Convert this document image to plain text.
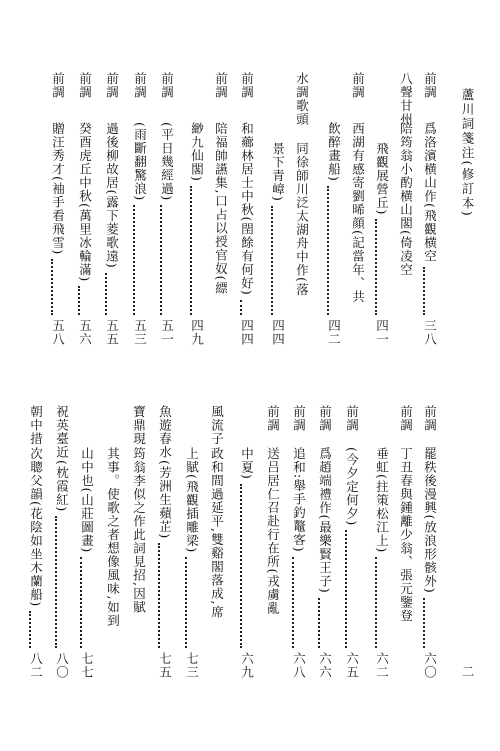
蘆川詞箋注(修訂本)
二
前調
爲洛濱横山作(飛觀横空
三八
八聲甘州
陪筠翁小酌横山閣(倚凌空
飛觀展營丘)
四一
前調
西湖有感寄劉晞顔(記當年、共
飲醉畫船)
四二
水調歌頭
同徐師川泛太湖舟中作(落
景下青嶂)
四四
前調
和薌林居士中秋(閏餘有何好)
四四
前調
陪福帥讌集,口占以授官奴(縹
緲九仙閣)
四九
前調
(平日幾經過)
五一
前調
(雨斷翻驚浪)
五三
前調
過後柳故居(露下菱歌遠)
五五
前調
癸酉虎丘中秋(萬里冰輪滿)
五六
前調
贈汪秀才(袖手看飛雪)
五八
前調
罷秩後漫興(放浪形骸外)
六〇
前調
丁丑春與鍾離少翁、張元鑒登
垂虹(拄策松江上)
六二
前調
(今夕定何夕)
六五
前調
爲趙端禮作(最樂賢王子)
六六
前調
追和:舉手釣鼇客)
六八
前調
送吕居仁召赴行在所(戎虜亂
中夏)
六九
風流子
政和間過延平,雙谿閣落成,席
上賦(飛觀插雕梁)
七三
魚遊春水
(芳洲生蘋芷)
七五
寶鼎現
筠翁李似之作此詞見招,因賦
其事。使歌之者想像風味,如到
山中也(山莊圖畫)
七七
祝英臺近
(枕霞紅)
八〇
朝中措
次聰父韻(花陰如坐木蘭船)
八二
